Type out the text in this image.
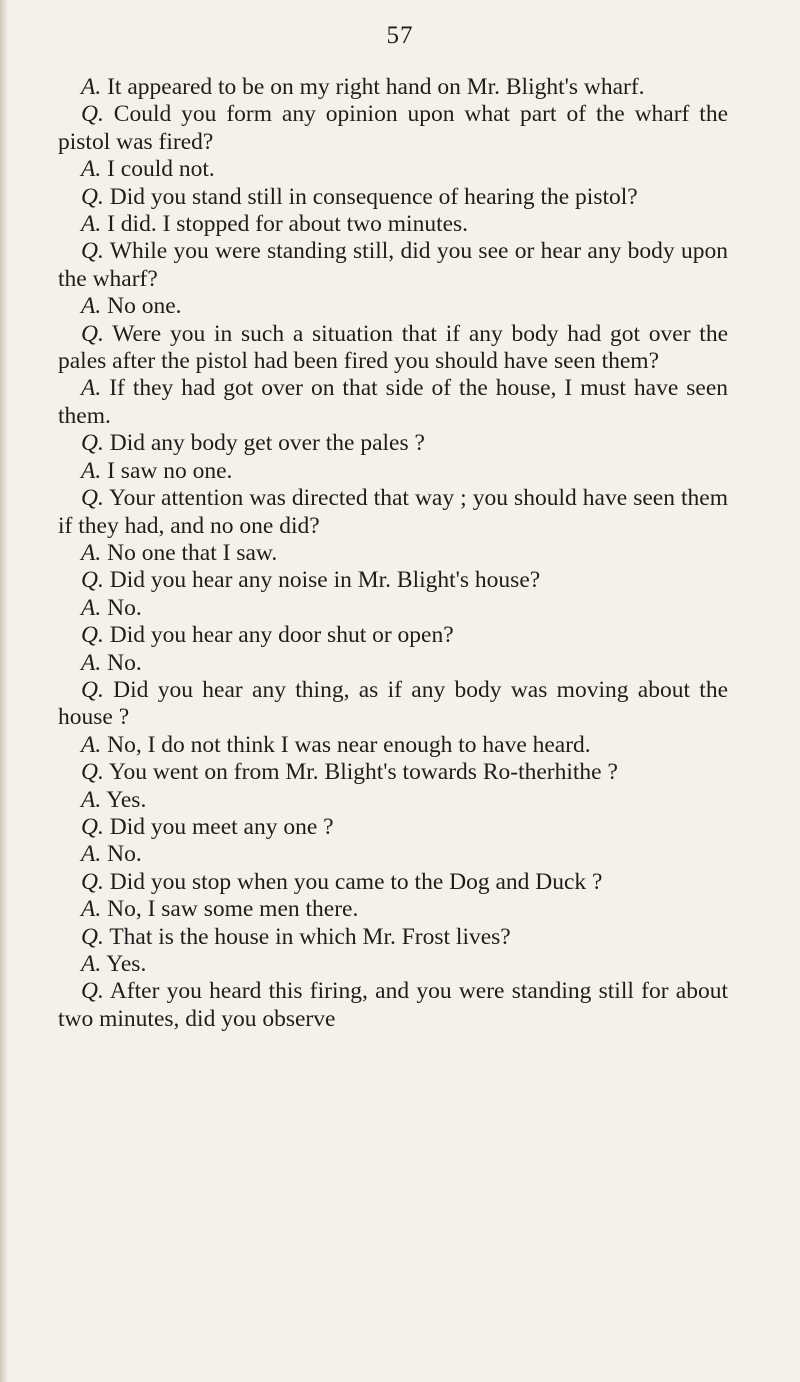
57

A. It appeared to be on my right hand on Mr. Blight's wharf.

Q. Could you form any opinion upon what part of the wharf the pistol was fired?

A. I could not.

Q. Did you stand still in consequence of hearing the pistol?

A. I did. I stopped for about two minutes.

Q. While you were standing still, did you see or hear any body upon the wharf?

A. No one.

Q. Were you in such a situation that if any body had got over the pales after the pistol had been fired you should have seen them?

A. If they had got over on that side of the house, I must have seen them.

Q. Did any body get over the pales ?

A. I saw no one.

Q. Your attention was directed that way ; you should have seen them if they had, and no one did?

A. No one that I saw.

Q. Did you hear any noise in Mr. Blight's house?

A. No.

Q. Did you hear any door shut or open?

A. No.

Q. Did you hear any thing, as if any body was moving about the house ?

A. No, I do not think I was near enough to have heard.

Q. You went on from Mr. Blight's towards Ro-therhithe ?

A. Yes.

Q. Did you meet any one ?

A. No.

Q. Did you stop when you came to the Dog and Duck ?

A. No, I saw some men there.

Q. That is the house in which Mr. Frost lives?

A. Yes.

Q. After you heard this firing, and you were standing still for about two minutes, did you observe
